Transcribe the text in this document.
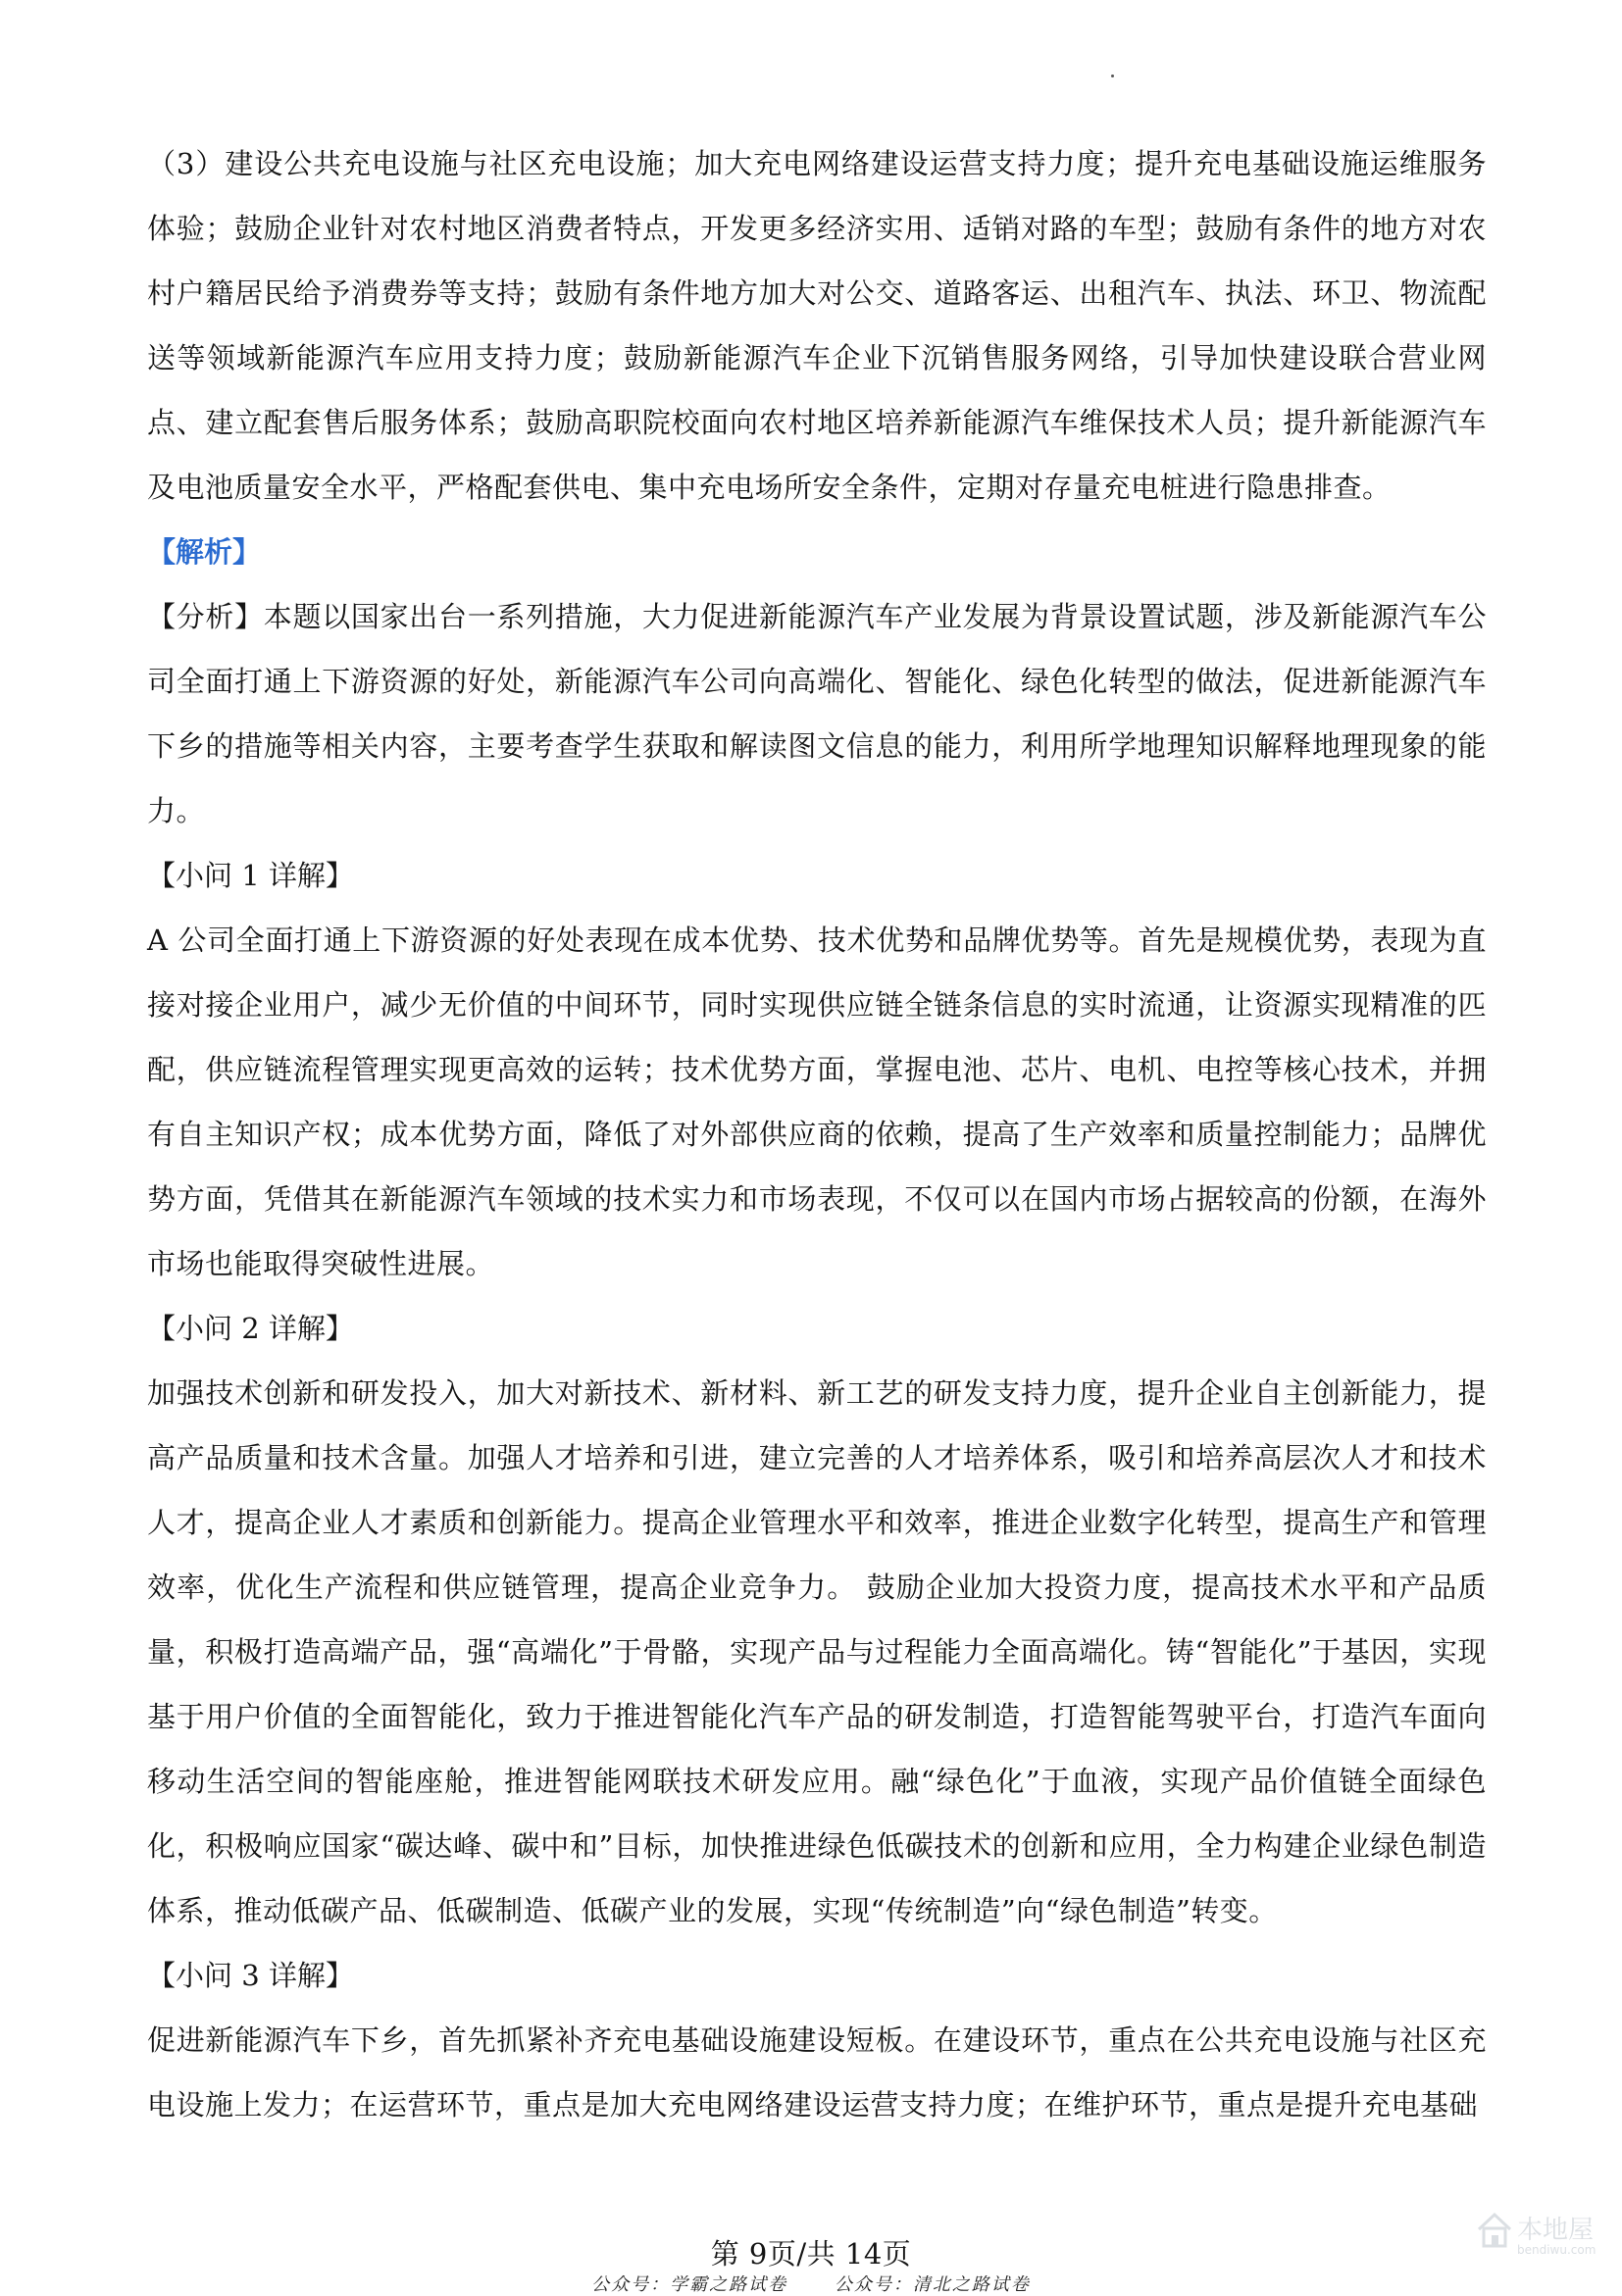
（3）建设公共充电设施与社区充电设施；加大充电网络建设运营支持力度；提升充电基础设施运维服务体验；鼓励企业针对农村地区消费者特点，开发更多经济实用、适销对路的车型；鼓励有条件的地方对农村户籍居民给予消费券等支持；鼓励有条件地方加大对公交、道路客运、出租汽车、执法、环卫、物流配送等领域新能源汽车应用支持力度；鼓励新能源汽车企业下沉销售服务网络，引导加快建设联合营业网点、建立配套售后服务体系；鼓励高职院校面向农村地区培养新能源汽车维保技术人员；提升新能源汽车及电池质量安全水平，严格配套供电、集中充电场所安全条件，定期对存量充电桩进行隐患排查。

【解析】

【分析】本题以国家出台一系列措施，大力促进新能源汽车产业发展为背景设置试题，涉及新能源汽车公司全面打通上下游资源的好处，新能源汽车公司向高端化、智能化、绿色化转型的做法，促进新能源汽车下乡的措施等相关内容，主要考查学生获取和解读图文信息的能力，利用所学地理知识解释地理现象的能力。

【小问 1 详解】

A 公司全面打通上下游资源的好处表现在成本优势、技术优势和品牌优势等。首先是规模优势，表现为直接对接企业用户，减少无价值的中间环节，同时实现供应链全链条信息的实时流通，让资源实现精准的匹配，供应链流程管理实现更高效的运转；技术优势方面，掌握电池、芯片、电机、电控等核心技术，并拥有自主知识产权；成本优势方面，降低了对外部供应商的依赖，提高了生产效率和质量控制能力；品牌优势方面，凭借其在新能源汽车领域的技术实力和市场表现，不仅可以在国内市场占据较高的份额，在海外市场也能取得突破性进展。

【小问 2 详解】

加强技术创新和研发投入，加大对新技术、新材料、新工艺的研发支持力度，提升企业自主创新能力，提高产品质量和技术含量。加强人才培养和引进，建立完善的人才培养体系，吸引和培养高层次人才和技术人才，提高企业人才素质和创新能力。提高企业管理水平和效率，推进企业数字化转型，提高生产和管理效率，优化生产流程和供应链管理，提高企业竞争力。 鼓励企业加大投资力度，提高技术水平和产品质量，积极打造高端产品，强“高端化”于骨骼，实现产品与过程能力全面高端化。铸“智能化”于基因，实现基于用户价值的全面智能化，致力于推进智能化汽车产品的研发制造，打造智能驾驶平台，打造汽车面向移动生活空间的智能座舱，推进智能网联技术研发应用。融“绿色化”于血液，实现产品价值链全面绿色化，积极响应国家“碳达峰、碳中和”目标，加快推进绿色低碳技术的创新和应用，全力构建企业绿色制造体系，推动低碳产品、低碳制造、低碳产业的发展，实现“传统制造”向“绿色制造”转变。

【小问 3 详解】

促进新能源汽车下乡，首先抓紧补齐充电基础设施建设短板。在建设环节，重点在公共充电设施与社区充电设施上发力；在运营环节，重点是加大充电网络建设运营支持力度；在维护环节，重点是提升充电基础

第 9页/共 14页
公众号：学霸之路试卷	公众号：清北之路试卷
本地屋
bendiwu.com
